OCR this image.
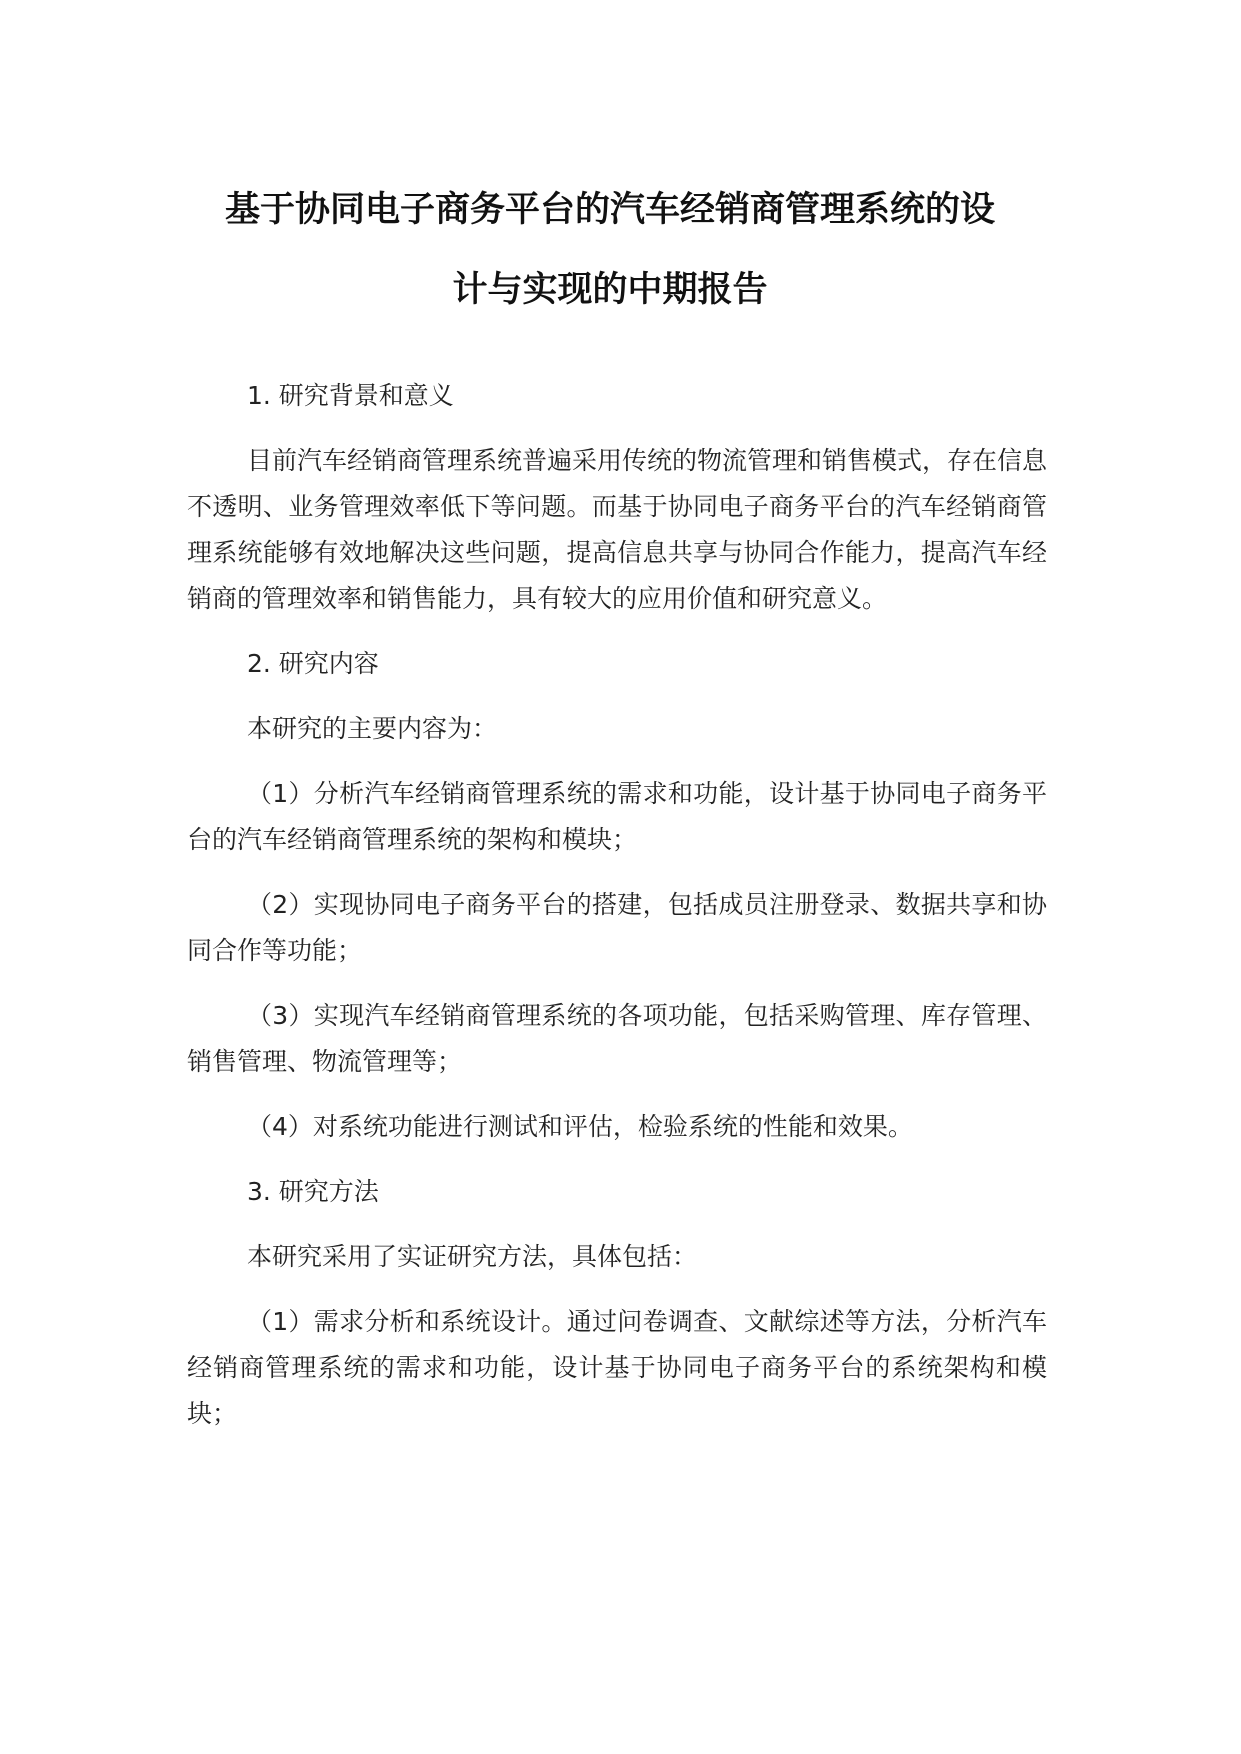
基于协同电子商务平台的汽车经销商管理系统的设
计与实现的中期报告

1. 研究背景和意义

目前汽车经销商管理系统普遍采用传统的物流管理和销售模式，存在信息不透明、业务管理效率低下等问题。而基于协同电子商务平台的汽车经销商管理系统能够有效地解决这些问题，提高信息共享与协同合作能力，提高汽车经销商的管理效率和销售能力，具有较大的应用价值和研究意义。

2. 研究内容

本研究的主要内容为：

（1）分析汽车经销商管理系统的需求和功能，设计基于协同电子商务平台的汽车经销商管理系统的架构和模块；

（2）实现协同电子商务平台的搭建，包括成员注册登录、数据共享和协同合作等功能；

（3）实现汽车经销商管理系统的各项功能，包括采购管理、库存管理、销售管理、物流管理等；

（4）对系统功能进行测试和评估，检验系统的性能和效果。

3. 研究方法

本研究采用了实证研究方法，具体包括：

（1）需求分析和系统设计。通过问卷调查、文献综述等方法，分析汽车经销商管理系统的需求和功能，设计基于协同电子商务平台的系统架构和模块；
